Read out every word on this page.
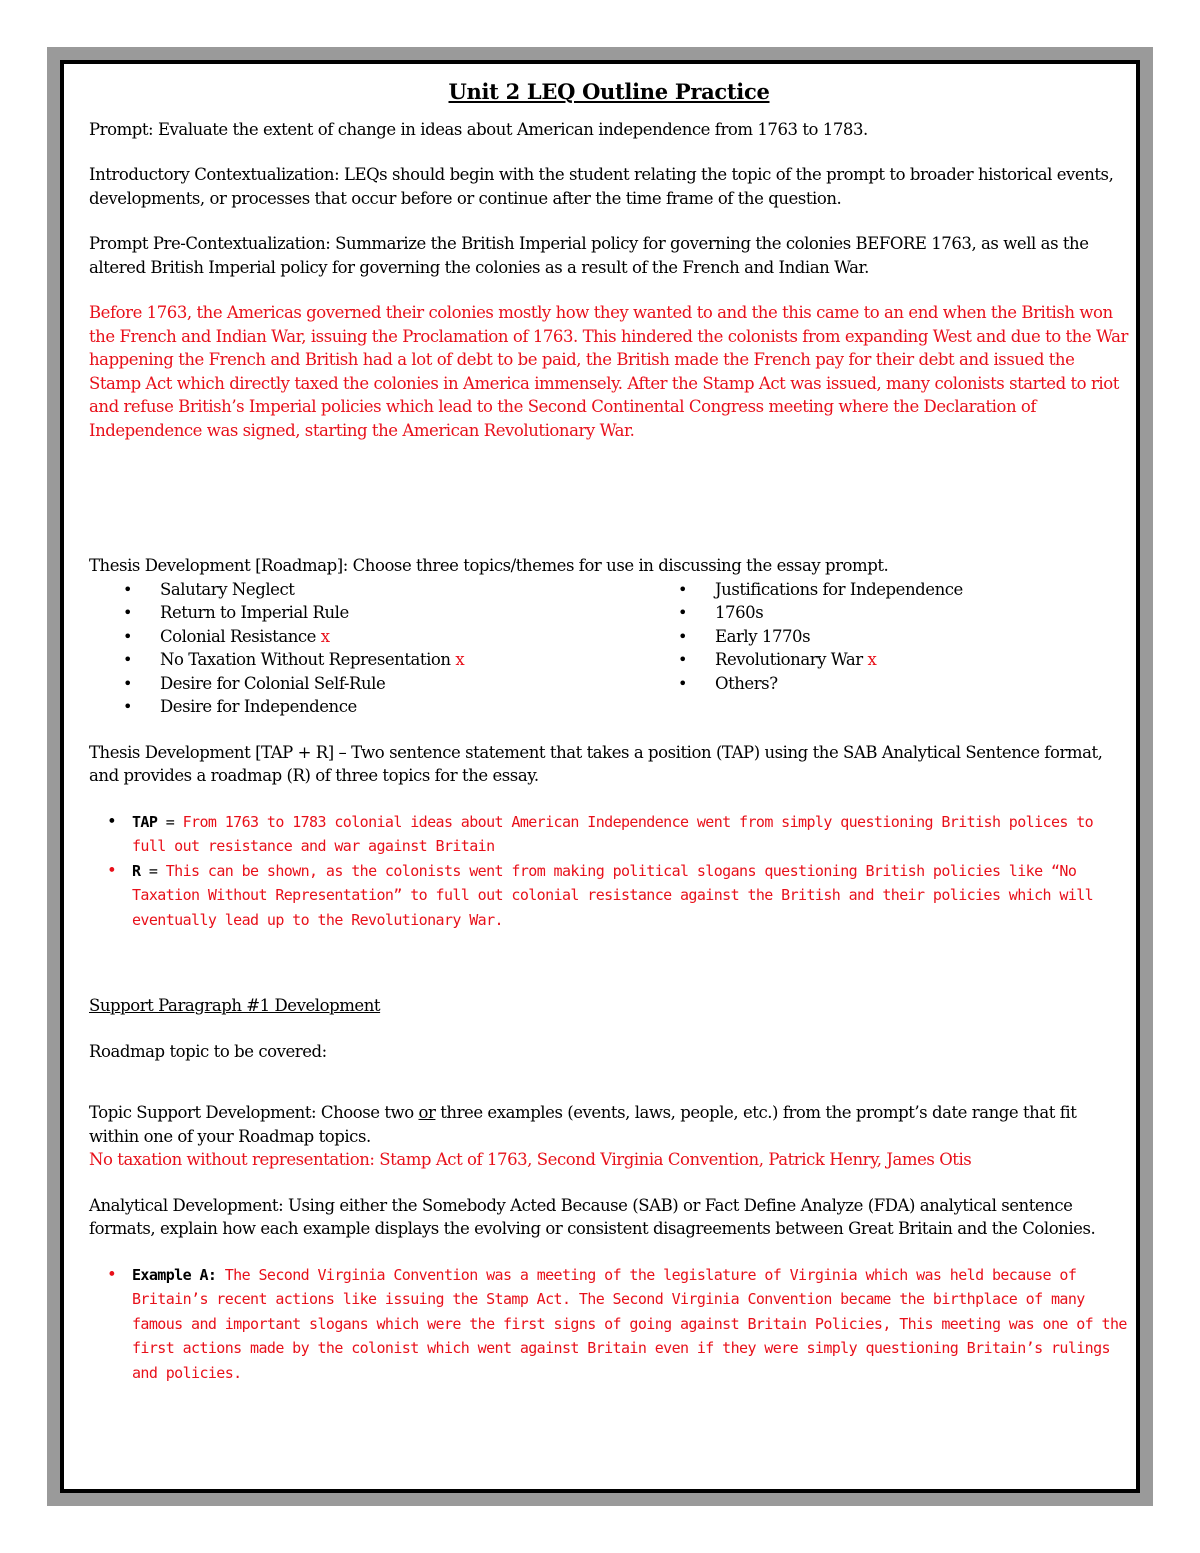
Unit 2 LEQ Outline Practice

Prompt: Evaluate the extent of change in ideas about American independence from 1763 to 1783.

Introductory Contextualization: LEQs should begin with the student relating the topic of the prompt to broader historical events, developments, or processes that occur before or continue after the time frame of the question.

Prompt Pre-Contextualization: Summarize the British Imperial policy for governing the colonies BEFORE 1763, as well as the altered British Imperial policy for governing the colonies as a result of the French and Indian War.

Before 1763, the Americas governed their colonies mostly how they wanted to and the this came to an end when the British won the French and Indian War, issuing the Proclamation of 1763. This hindered the colonists from expanding West and due to the War happening the French and British had a lot of debt to be paid, the British made the French pay for their debt and issued the Stamp Act which directly taxed the colonies in America immensely. After the Stamp Act was issued, many colonists started to riot and refuse British’s Imperial policies which lead to the Second Continental Congress meeting where the Declaration of Independence was signed, starting the American Revolutionary War.

Thesis Development [Roadmap]: Choose three topics/themes for use in discussing the essay prompt.

• Salutary Neglect
• Return to Imperial Rule
• Colonial Resistance x
• No Taxation Without Representation x
• Desire for Colonial Self-Rule
• Desire for Independence
• Justifications for Independence
• 1760s
• Early 1770s
• Revolutionary War x
• Others?

Thesis Development [TAP + R] – Two sentence statement that takes a position (TAP) using the SAB Analytical Sentence format, and provides a roadmap (R) of three topics for the essay.

• TAP = From 1763 to 1783 colonial ideas about American Independence went from simply questioning British polices to full out resistance and war against Britain
• R = This can be shown, as the colonists went from making political slogans questioning British policies like “No Taxation Without Representation” to full out colonial resistance against the British and their policies which will eventually lead up to the Revolutionary War.

Support Paragraph #1 Development

Roadmap topic to be covered:

Topic Support Development: Choose two or three examples (events, laws, people, etc.) from the prompt’s date range that fit within one of your Roadmap topics.

No taxation without representation: Stamp Act of 1763, Second Virginia Convention, Patrick Henry, James Otis

Analytical Development: Using either the Somebody Acted Because (SAB) or Fact Define Analyze (FDA) analytical sentence formats, explain how each example displays the evolving or consistent disagreements between Great Britain and the Colonies.

• Example A: The Second Virginia Convention was a meeting of the legislature of Virginia which was held because of Britain’s recent actions like issuing the Stamp Act. The Second Virginia Convention became the birthplace of many famous and important slogans which were the first signs of going against Britain Policies, This meeting was one of the first actions made by the colonist which went against Britain even if they were simply questioning Britain’s rulings and policies.
